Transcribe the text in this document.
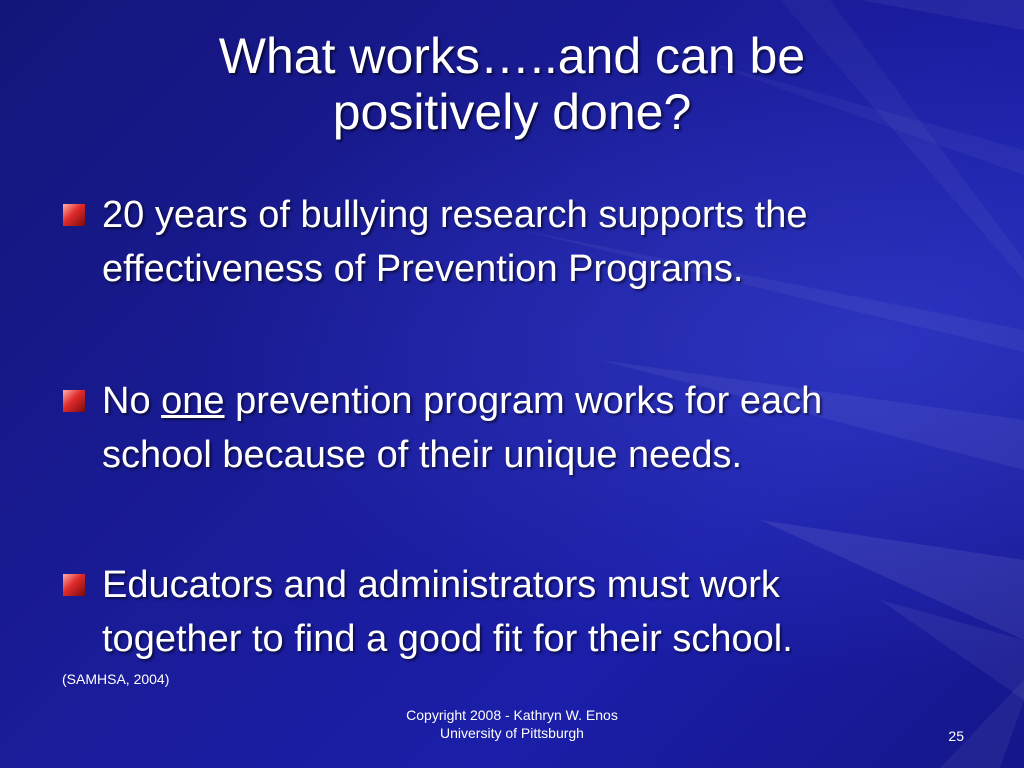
What works…..and can be
positively done?
20 years of bullying research supports the
effectiveness of Prevention Programs.
No one prevention program works for each
school because of their unique needs.
Educators and administrators must work
together to find a good fit for their school.
(SAMHSA, 2004)
Copyright 2008 - Kathryn W. Enos
University of Pittsburgh	25
